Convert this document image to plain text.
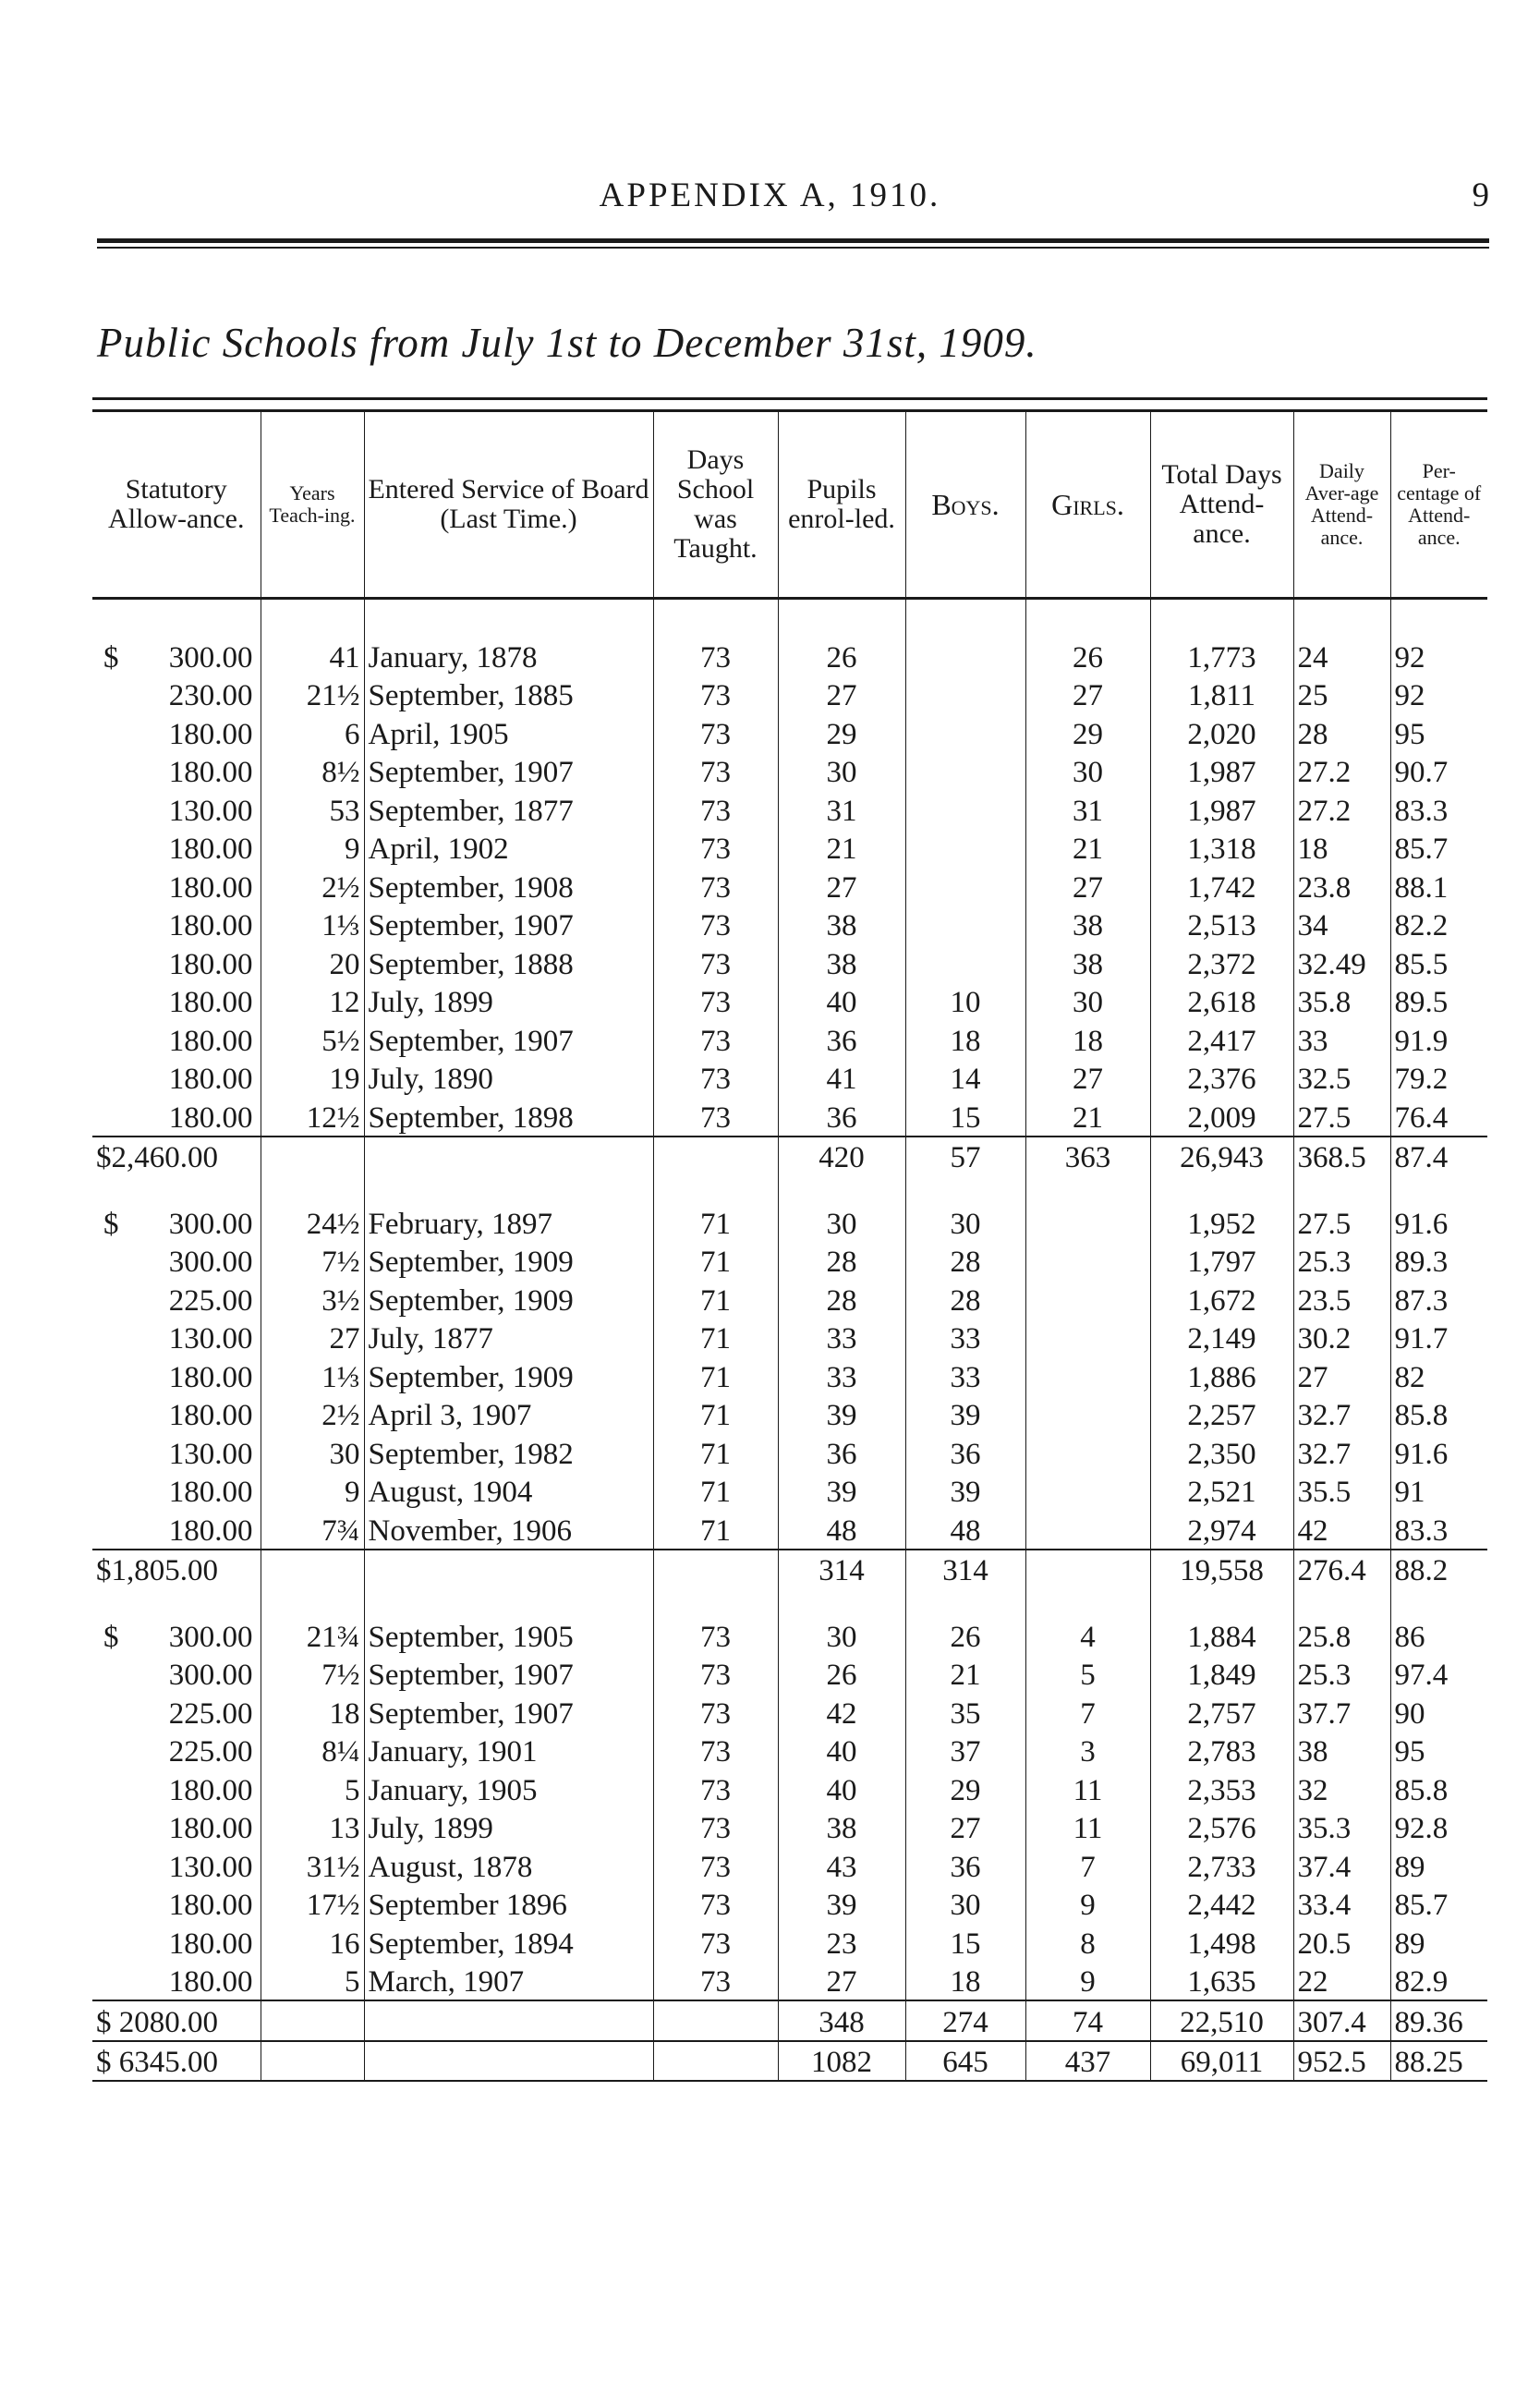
APPENDIX A, 1910.	9
Public Schools from July 1st to December 31st, 1909.

Statutory Allow-ance.	Years Teach-ing.	Entered Service of Board (Last Time.)	Days School was Taught.	Pupils enrol-led.	Boys.	Girls.	Total Days Attend-ance.	Daily Aver-age Attend-ance.	Per-centage of Attend-ance.

$ 300.00	41	January, 1878	73	26		26	1,773	24	92

230.00	21½	September, 1885	73	27		27	1,811	25	92

180.00	6	April, 1905	73	29		29	2,020	28	95

180.00	8½	September, 1907	73	30		30	1,987	27.2	90.7

130.00	53	September, 1877	73	31		31	1,987	27.2	83.3

180.00	9	April, 1902	73	21		21	1,318	18	85.7

180.00	2½	September, 1908	73	27		27	1,742	23.8	88.1

180.00	1⅓	September, 1907	73	38		38	2,513	34	82.2

180.00	20	September, 1888	73	38		38	2,372	32.49	85.5

180.00	12	July, 1899	73	40	10	30	2,618	35.8	89.5

180.00	5½	September, 1907	73	36	18	18	2,417	33	91.9

180.00	19	July, 1890	73	41	14	27	2,376	32.5	79.2

180.00	12½	September, 1898	73	36	15	21	2,009	27.5	76.4
$2,460.00				420	57	363	26,943	368.5	87.4

$ 300.00	24½	February, 1897	71	30	30		1,952	27.5	91.6

300.00	7½	September, 1909	71	28	28		1,797	25.3	89.3

225.00	3½	September, 1909	71	28	28		1,672	23.5	87.3

130.00	27	July, 1877	71	33	33		2,149	30.2	91.7

180.00	1⅓	September, 1909	71	33	33		1,886	27	82

180.00	2½	April 3, 1907	71	39	39		2,257	32.7	85.8

130.00	30	September, 1982	71	36	36		2,350	32.7	91.6

180.00	9	August, 1904	71	39	39		2,521	35.5	91

180.00	7¾	November, 1906	71	48	48		2,974	42	83.3
$1,805.00				314	314		19,558	276.4	88.2

$ 300.00	21¾	September, 1905	73	30	26	4	1,884	25.8	86

300.00	7½	September, 1907	73	26	21	5	1,849	25.3	97.4

225.00	18	September, 1907	73	42	35	7	2,757	37.7	90

225.00	8¼	January, 1901	73	40	37	3	2,783	38	95

180.00	5	January, 1905	73	40	29	11	2,353	32	85.8

180.00	13	July, 1899	73	38	27	11	2,576	35.3	92.8

130.00	31½	August, 1878	73	43	36	7	2,733	37.4	89

180.00	17½	September 1896	73	39	30	9	2,442	33.4	85.7

180.00	16	September, 1894	73	23	15	8	1,498	20.5	89

180.00	5	March, 1907	73	27	18	9	1,635	22	82.9
$ 2080.00				348	274	74	22,510	307.4	89.36
$ 6345.00				1082	645	437	69,011	952.5	88.25
